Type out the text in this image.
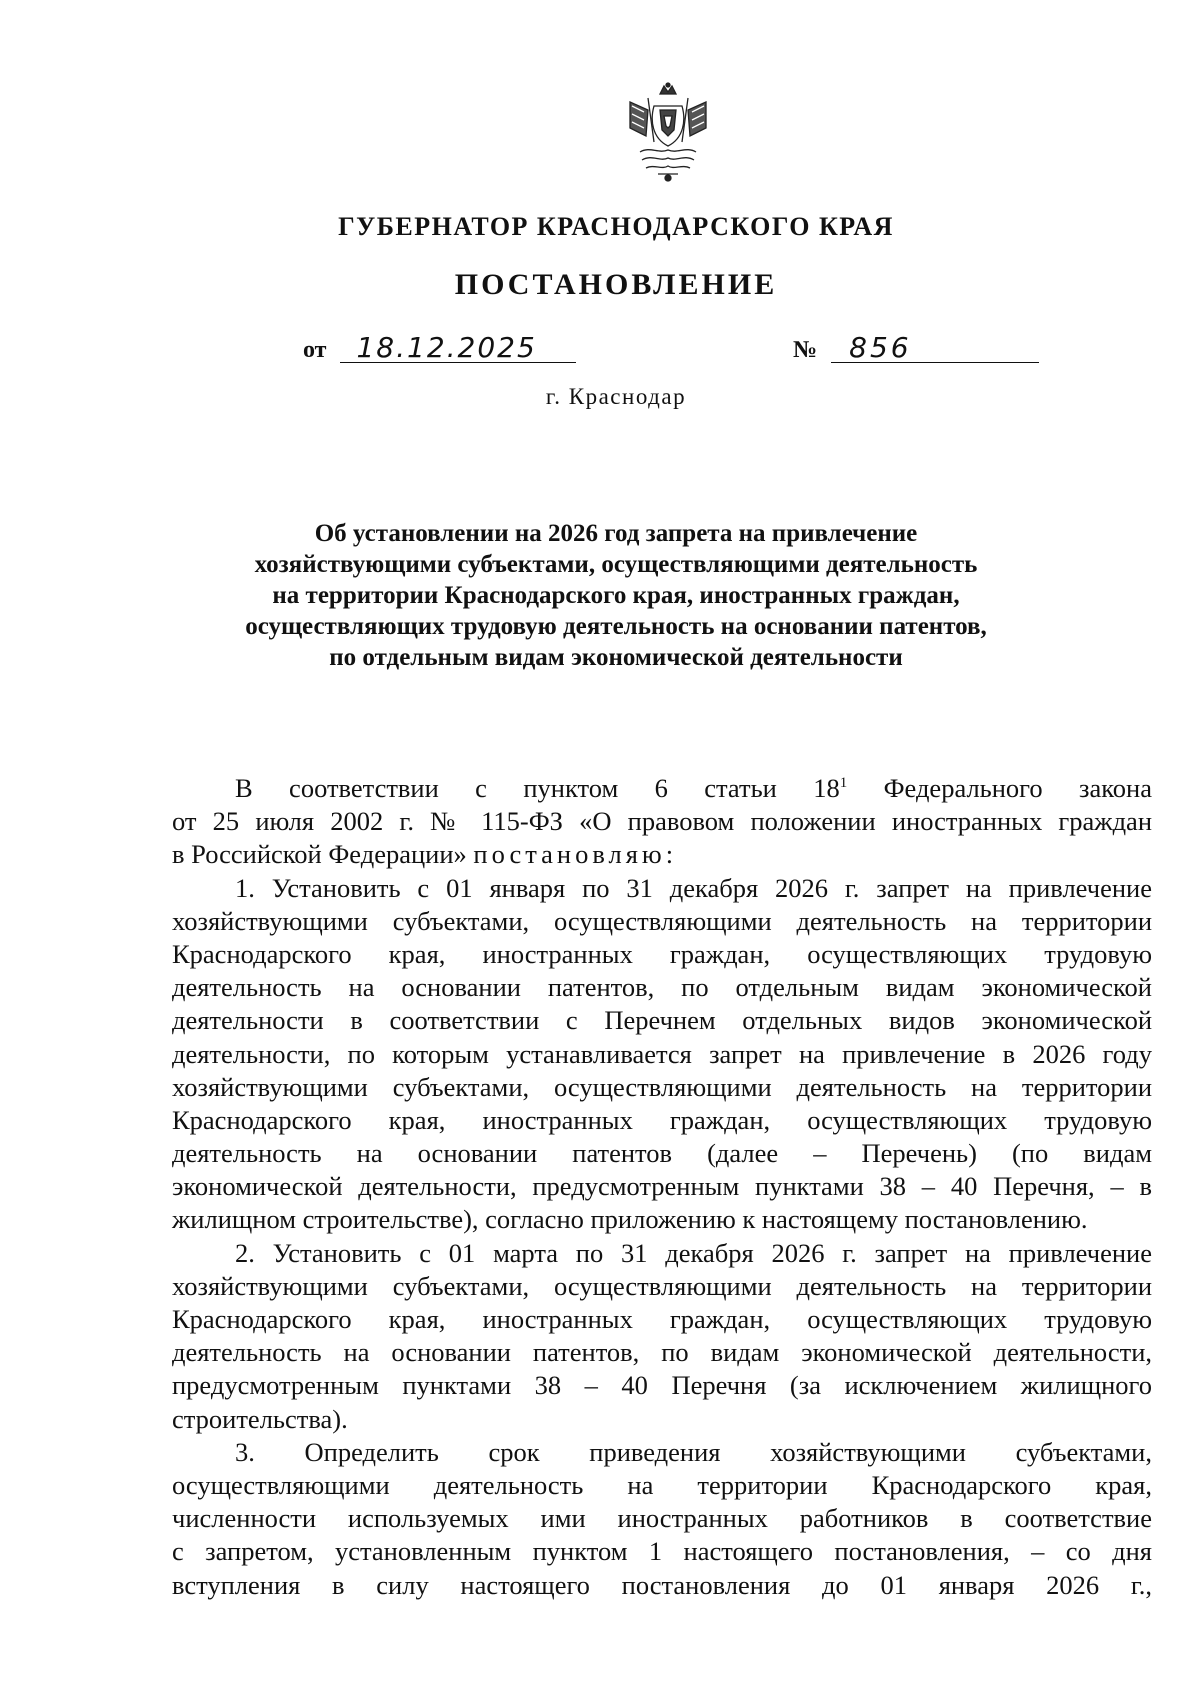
ГУБЕРНАТОР КРАСНОДАРСКОГО КРАЯ
ПОСТАНОВЛЕНИЕ
от 18.12.2025	№ 856
г. Краснодар
Об установлении на 2026 год запрета на привлечение
хозяйствующими субъектами, осуществляющими деятельность
на территории Краснодарского края, иностранных граждан,
осуществляющих трудовую деятельность на основании патентов,
по отдельным видам экономической деятельности
В соответствии с пунктом 6 статьи $18^1$ Федерального закона
от 25 июля 2002 г. № 115-ФЗ «О правовом положении иностранных граждан
в Российской Федерации» постановляю:
1. Установить с 01 января по 31 декабря 2026 г. запрет на привлечение
хозяйствующими субъектами, осуществляющими деятельность на территории
Краснодарского края, иностранных граждан, осуществляющих трудовую
деятельность на основании патентов, по отдельным видам экономической
деятельности в соответствии с Перечнем отдельных видов экономической
деятельности, по которым устанавливается запрет на привлечение в 2026 году
хозяйствующими субъектами, осуществляющими деятельность на территории
Краснодарского края, иностранных граждан, осуществляющих трудовую
деятельность на основании патентов (далее – Перечень) (по видам
экономической деятельности, предусмотренным пунктами 38 – 40 Перечня, – в
жилищном строительстве), согласно приложению к настоящему постановлению.
2. Установить с 01 марта по 31 декабря 2026 г. запрет на привлечение
хозяйствующими субъектами, осуществляющими деятельность на территории
Краснодарского края, иностранных граждан, осуществляющих трудовую
деятельность на основании патентов, по видам экономической деятельности,
предусмотренным пунктами 38 – 40 Перечня (за исключением жилищного
строительства).
3. Определить срок приведения хозяйствующими субъектами,
осуществляющими деятельность на территории Краснодарского края,
численности используемых ими иностранных работников в соответствие
с запретом, установленным пунктом 1 настоящего постановления, – со дня
вступления в силу настоящего постановления до 01 января 2026 г.,
